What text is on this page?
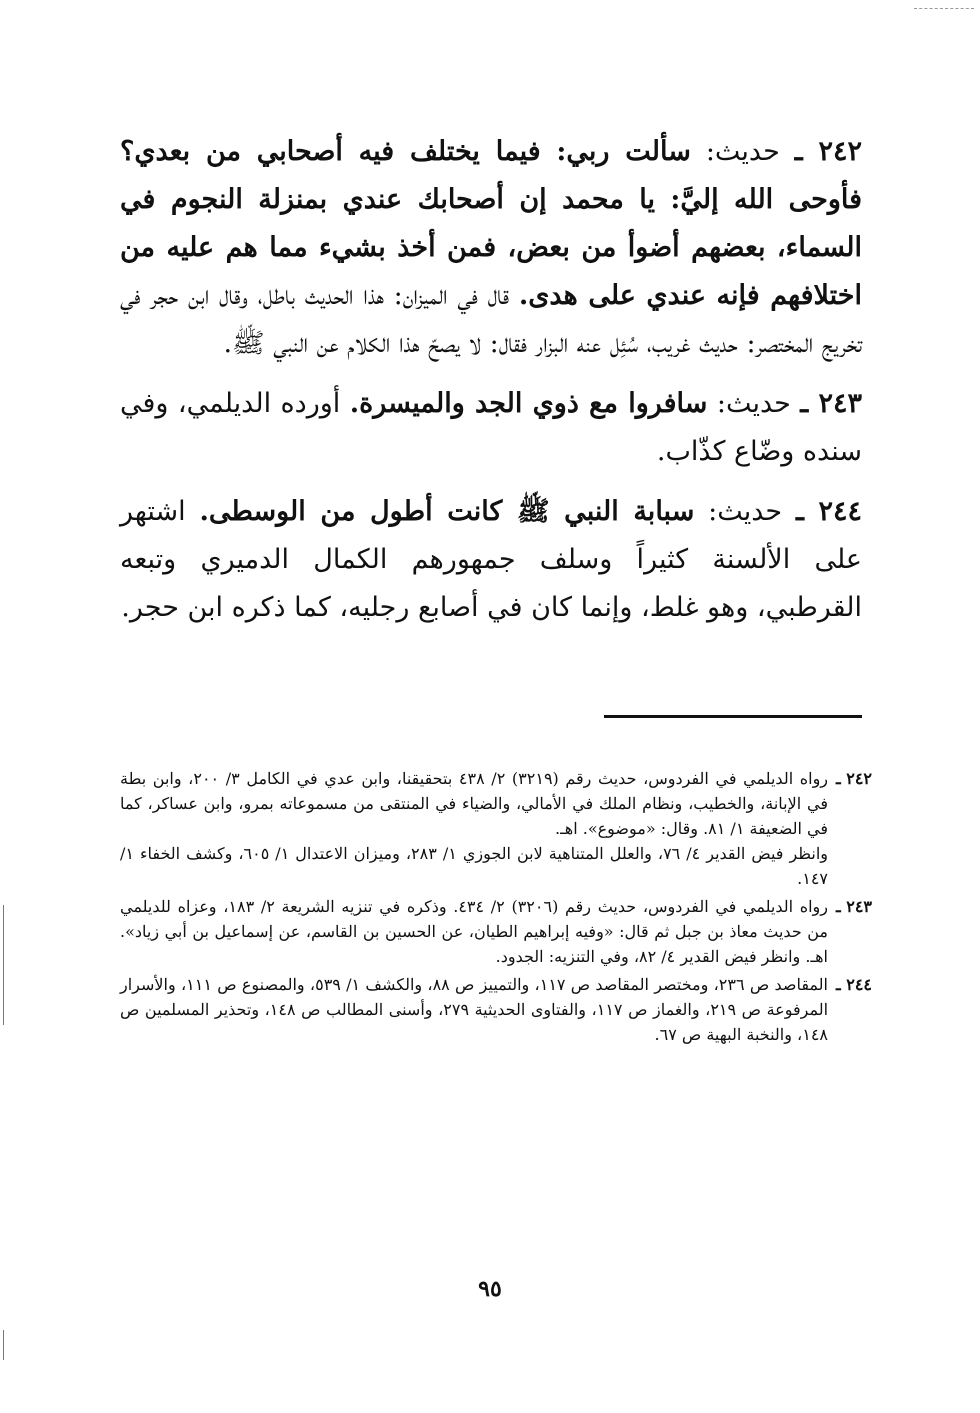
٢٤٢ ـ حديث: سألت ربي: فيما يختلف فيه أصحابي من بعدي؟ فأوحى الله إليَّ: يا محمد إن أصحابك عندي بمنزلة النجوم في السماء، بعضهم أضوأ من بعض، فمن أخذ بشيء مما هم عليه من اختلافهم فإنه عندي على هدى. قال في الميزان: هذا الحديث باطل، وقال ابن حجر في تخريج المختصر: حديث غريب، سُئِل عنه البزار فقال: لا يصحّ هذا الكلام عن النبي ﷺ.

٢٤٣ ـ حديث: سافروا مع ذوي الجد والميسرة. أورده الديلمي، وفي سنده وضّاع كذّاب.

٢٤٤ ـ حديث: سبابة النبي ﷺ كانت أطول من الوسطى. اشتهر على الألسنة كثيراً وسلف جمهورهم الكمال الدميري وتبعه القرطبي، وهو غلط، وإنما كان في أصابع رجليه، كما ذكره ابن حجر.

٢٤٢ ـ

رواه الديلمي في الفردوس، حديث رقم (٣٢١٩) ٢/ ٤٣٨ بتحقيقنا، وابن عدي في الكامل ٣/ ٢٠٠، وابن بطة في الإبانة، والخطيب، ونظام الملك في الأمالي، والضياء في المنتقى من مسموعاته بمرو، وابن عساكر، كما في الضعيفة ١/ ٨١. وقال: «موضوع». اهـ.

وانظر فيض القدير ٤/ ٧٦، والعلل المتناهية لابن الجوزي ١/ ٢٨٣، وميزان الاعتدال ١/ ٦٠٥، وكشف الخفاء ١/ ١٤٧.

٢٤٣ ـ

رواه الديلمي في الفردوس، حديث رقم (٣٢٠٦) ٢/ ٤٣٤. وذكره في تنزيه الشريعة ٢/ ١٨٣، وعزاه للديلمي من حديث معاذ بن جبل ثم قال: «وفيه إبراهيم الطيان، عن الحسين بن القاسم، عن إسماعيل بن أبي زياد». اهـ. وانظر فيض القدير ٤/ ٨٢، وفي التنزيه: الجدود.

٢٤٤ ـ

المقاصد ص ٢٣٦، ومختصر المقاصد ص ١١٧، والتمييز ص ٨٨، والكشف ١/ ٥٣٩، والمصنوع ص ١١١، والأسرار المرفوعة ص ٢١٩، والغماز ص ١١٧، والفتاوى الحديثية ٢٧٩، وأسنى المطالب ص ١٤٨، وتحذير المسلمين ص ١٤٨، والنخبة البهية ص ٦٧.

٩٥
